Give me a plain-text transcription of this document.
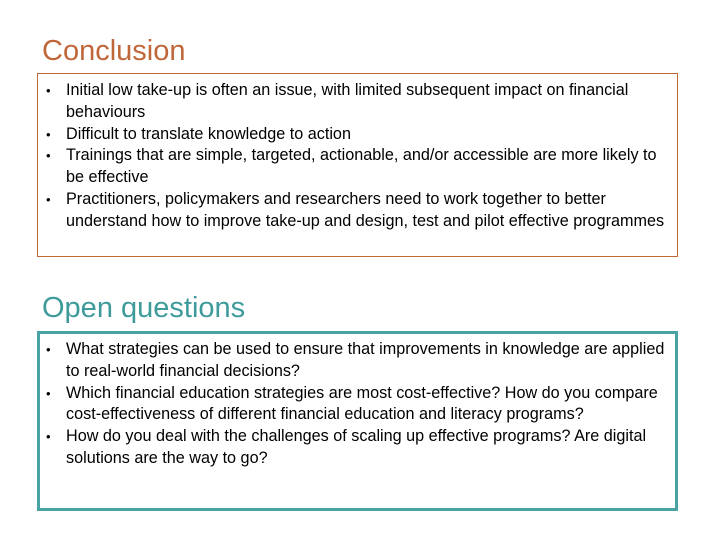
Conclusion
• Initial low take-up is often an issue, with limited subsequent impact on financial behaviours
• Difficult to translate knowledge to action
• Trainings that are simple, targeted, actionable, and/or accessible are more likely to be effective
• Practitioners, policymakers and researchers need to work together to better understand how to improve take-up and design, test and pilot effective programmes
Open questions
• What strategies can be used to ensure that improvements in knowledge are applied to real-world financial decisions?
• Which financial education strategies are most cost-effective? How do you compare cost-effectiveness of different financial education and literacy programs?
• How do you deal with the challenges of scaling up effective programs? Are digital solutions are the way to go?
